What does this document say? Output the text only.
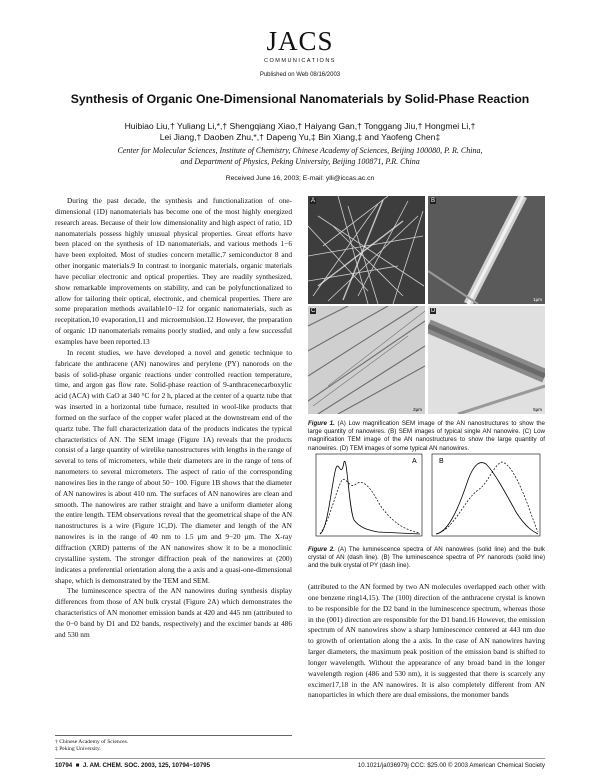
JACS
COMMUNICATIONS
Published on Web 08/16/2003
Synthesis of Organic One-Dimensional Nanomaterials by Solid-Phase Reaction
Huibiao Liu,† Yuliang Li,*,† Shengqiang Xiao,† Haiyang Gan,† Tonggang Jiu,† Hongmei Li,†
Lei Jiang,† Daoben Zhu,*,† Dapeng Yu,‡ Bin Xiang,‡ and Yaofeng Chen‡
Center for Molecular Sciences, Institute of Chemistry, Chinese Academy of Sciences, Beijing 100080, P. R. China,
and Department of Physics, Peking University, Beijing 100871, P.R. China
Received June 16, 2003; E-mail: ylli@iccas.ac.cn

During the past decade, the synthesis and functionalization of one-dimensional (1D) nanomaterials has become one of the most highly energized research areas. Because of their low dimensionality and high aspect of ratio, 1D nanomaterials possess highly unusual physical properties. Great efforts have been placed on the synthesis of 1D nanomaterials, and various methods 1−6 have been exploited. Most of studies concern metallic,7 semiconductor 8 and other inorganic materials.9 In contrast to inorganic materials, organic materials have peculiar electronic and optical properties. They are readily synthesized, show remarkable improvements on stability, and can be polyfunctionalized to allow for tailoring their optical, electronic, and chemical properties. There are some preparation methods available10−12 for organic nanomaterials, such as recepitation,10 evaporation,11 and microemulsion.12 However, the preparation of organic 1D nanomaterials remains poorly studied, and only a few successful examples have been reported.13

In recent studies, we have developed a novel and genetic technique to fabricate the anthracene (AN) nanowires and perylene (PY) nanorods on the basis of solid-phase organic reactions under controlled reaction temperature, time, and argon gas flow rate. Solid-phase reaction of 9-anthracenecarboxylic acid (ACA) with CaO at 340 °C for 2 h, placed at the center of a quartz tube that was inserted in a horizontal tube furnace, resulted in wool-like products that formed on the surface of the copper wafer placed at the downstream end of the quartz tube. The full characterization data of the products indicates the typical characteristics of AN. The SEM image (Figure 1A) reveals that the products consist of a large quantity of wirelike nanostructures with lengths in the range of several to tens of micrometers, while their diameters are in the range of tens of nanometers to several micrometers. The aspect of ratio of the corresponding nanowires lies in the range of about 50− 100. Figure 1B shows that the diameter of AN nanowires is about 410 nm. The surfaces of AN nanowires are clean and smooth. The nanowires are rather straight and have a uniform diameter along the entire length. TEM observations reveal that the geometrical shape of the AN nanostructures is a wire (Figure 1C,D). The diameter and length of the AN nanowires is in the range of 40 nm to 1.5 μm and 9−20 μm. The X-ray diffraction (XRD) patterns of the AN nanowires show it to be a monoclinic crystalline system. The stronger diffraction peak of the nanowires at (200) indicates a preferential orientation along the a axis and a quasi-one-dimensional shape, which is demonstrated by the TEM and SEM.

The luminescence spectra of the AN nanowires during synthesis display differences from those of AN bulk crystal (Figure 2A) which demonstrates the characteristics of AN monomer emission bands at 420 and 445 nm (attributed to the 0−0 band by D1 and D2 bands, respectively) and the excimer bands at 486 and 530 nm

A	B
1μm
C
2μm
D
5μm
Figure 1. (A) Low magnification SEM image of the AN nanostructures to show the large quantity of nanowires. (B) SEM images of typical single AN nanowire. (C) Low magnification TEM image of the AN nanostructures to show the large quantity of nanowires. (D) TEM images of some typical AN nanowires.
A	B
Figure 2. (A) The luminescence spectra of AN nanowires (solid line) and the bulk crystal of AN (dash line). (B) The luminescence spectra of PY nanorods (solid line) and the bulk crystal of PY (dash line).

(attributed to the AN formed by two AN molecules overlapped each other with one benzene ring14,15). The (100) direction of the anthracene crystal is known to be responsible for the D2 band in the luminescence spectrum, whereas those in the (001) direction are responsible for the D1 band.16 However, the emission spectrum of AN nanowires show a sharp luminescence centered at 443 nm due to growth of orientation along the a axis. In the case of AN nanowires having larger diameters, the maximum peak position of the emission band is shifted to longer wavelength. Without the appearance of any broad band in the longer wavelength region (486 and 530 nm), it is suggested that there is scarcely any excimer17,18 in the AN nanowires. It is also completely different from AN nanoparticles in which there are dual emissions, the monomer bands

† Chinese Academy of Sciences.
‡ Peking University.
10794  ■  J. AM. CHEM. SOC. 2003, 125, 10794−10795	10.1021/ja036979j CCC: $25.00 © 2003 American Chemical Society
